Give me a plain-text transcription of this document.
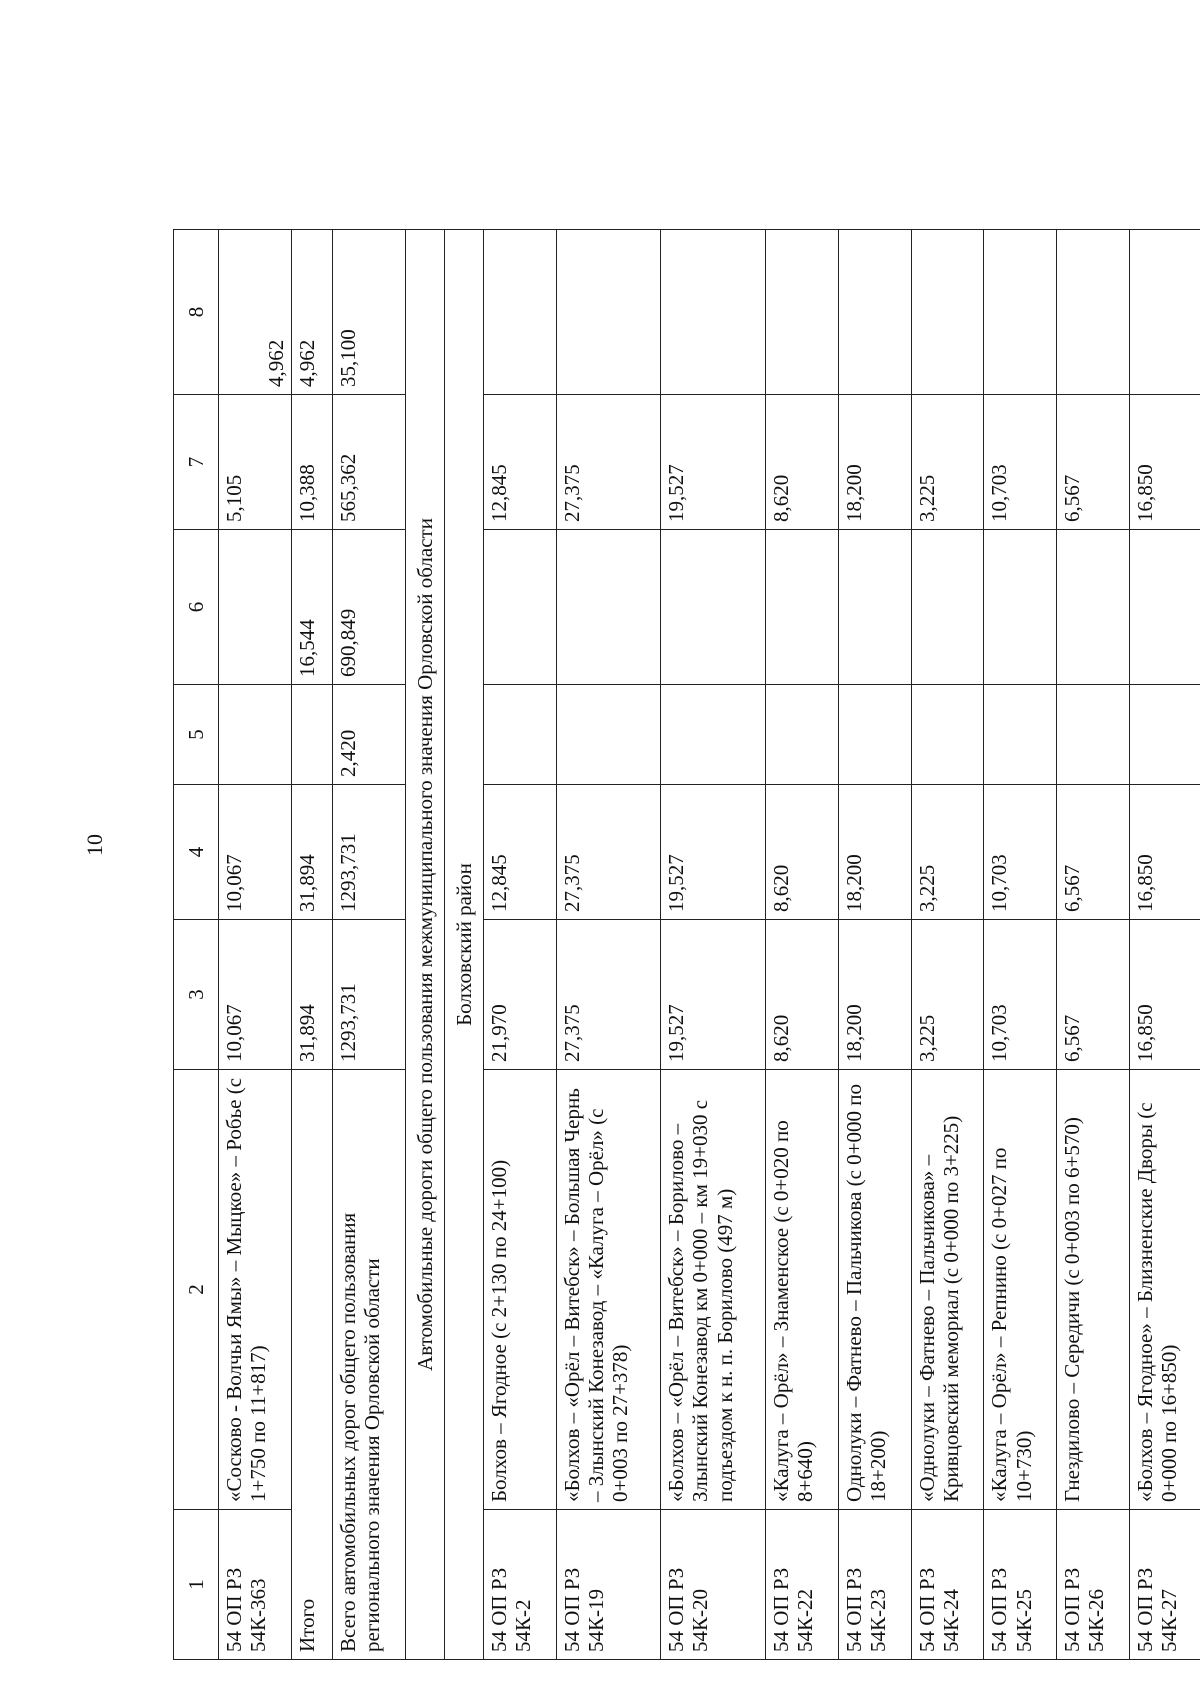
10
1	2	3	4	5	6	7	8
54 ОП РЗ 54К-363	«Сосково - Волчьи Ямы» – Мыцкое» – Робье (с 1+750 по 11+817)	10,067	10,067			5,105	4,962
Итого		31,894	31,894		16,544	10,388	4,962
Всего автомобильных дорог общего пользования регионального значения Орловской области		1293,731	1293,731	2,420	690,849	565,362	35,100
Автомобильные дороги общего пользования межмуниципального значения Орловской области							
Болховский район							
54 ОП РЗ 54К-2	Болхов – Ягодное (с 2+130 по 24+100)	21,970	12,845			12,845	
54 ОП РЗ 54К-19	«Болхов – «Орёл – Витебск» – Большая Чернь – Злынский Конезавод – «Калуга – Орёл» (с 0+003 по 27+378)	27,375	27,375			27,375	
54 ОП РЗ 54К-20	«Болхов – «Орёл – Витебск» – Борилово – Злынский Конезавод км 0+000 – км 19+030 с подъездом к н. п. Борилово (497 м)	19,527	19,527			19,527	
54 ОП РЗ 54К-22	«Калуга – Орёл» – Знаменское (с 0+020 по 8+640)	8,620	8,620			8,620	
54 ОП РЗ 54К-23	Однолуки – Фатнево – Пальчикова (с 0+000 по 18+200)	18,200	18,200			18,200	
54 ОП РЗ 54К-24	«Однолуки – Фатнево – Пальчикова» – Кривцовский мемориал (с 0+000 по 3+225)	3,225	3,225			3,225	
54 ОП РЗ 54К-25	«Калуга – Орёл» – Репнино (с 0+027 по 10+730)	10,703	10,703			10,703	
54 ОП РЗ 54К-26	Гнездилово – Середичи (с 0+003 по 6+570)	6,567	6,567			6,567	
54 ОП РЗ 54К-27	«Болхов – Ягодное» – Близненские Дворы (с 0+000 по 16+850)	16,850	16,850			16,850	
